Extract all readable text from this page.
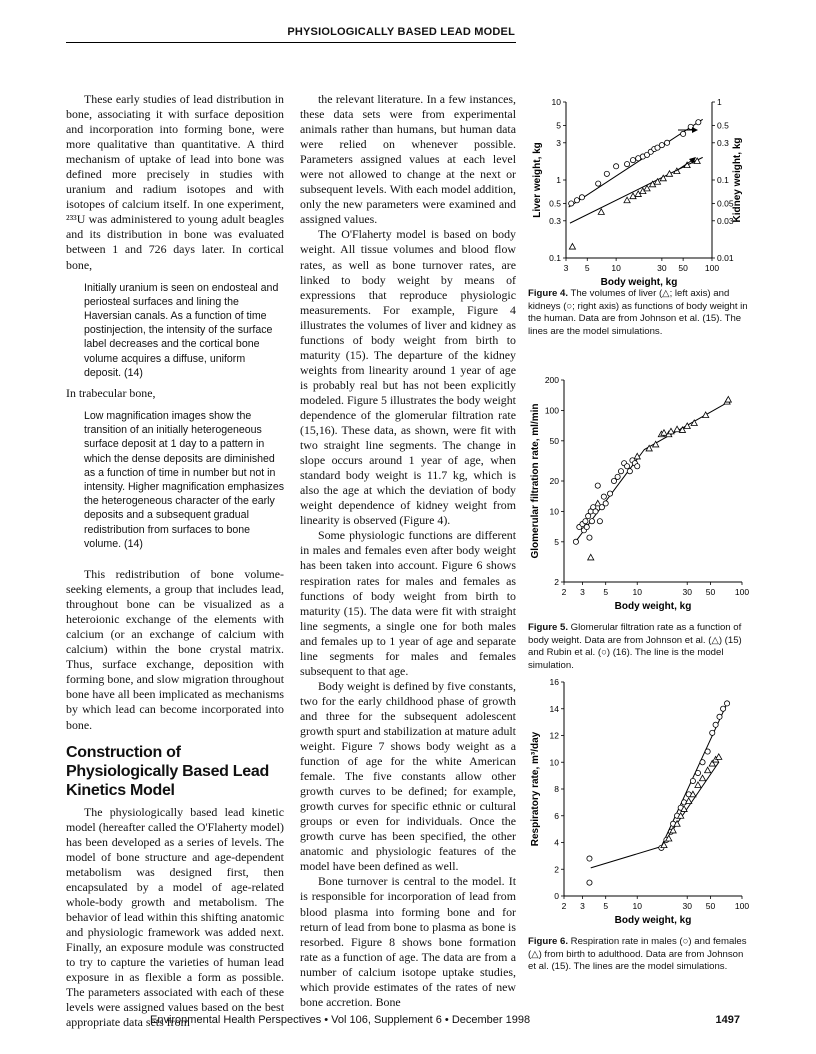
PHYSIOLOGICALLY BASED LEAD MODEL

These early studies of lead distribution in bone, associating it with surface deposition and incorporation into forming bone, were more qualitative than quantitative. A third mechanism of uptake of lead into bone was defined more precisely in studies with uranium and radium isotopes and with isotopes of calcium itself. In one experiment, ²³³U was administered to young adult beagles and its distribution in bone was evaluated between 1 and 726 days later. In cortical bone,

Initially uranium is seen on endosteal and periosteal surfaces and lining the Haversian canals. As a function of time postinjection, the intensity of the surface label decreases and the cortical bone volume acquires a diffuse, uniform deposit. (14)

In trabecular bone,

Low magnification images show the transition of an initially heterogeneous surface deposit at 1 day to a pattern in which the dense deposits are diminished as a function of time in number but not in intensity. Higher magnification emphasizes the heterogeneous character of the early deposits and a subsequent gradual redistribution from surfaces to bone volume. (14)

This redistribution of bone volume-seeking elements, a group that includes lead, throughout bone can be visualized as a heteroionic exchange of the elements with calcium (or an exchange of calcium with calcium) within the bone crystal matrix. Thus, surface exchange, deposition with forming bone, and slow migration throughout bone have all been implicated as mechanisms by which lead can become incorporated into bone.

Construction of Physiologically Based Lead Kinetics Model

The physiologically based lead kinetic model (hereafter called the O'Flaherty model) has been developed as a series of levels. The model of bone structure and age-dependent metabolism was designed first, then encapsulated by a model of age-related whole-body growth and metabolism. The behavior of lead within this shifting anatomic and physiologic framework was added next. Finally, an exposure module was constructed to try to capture the varieties of human lead exposure in as flexible a form as possible. The parameters associated with each of these levels were assigned values based on the best appropriate data sets from

the relevant literature. In a few instances, these data sets were from experimental animals rather than humans, but human data were relied on whenever possible. Parameters assigned values at each level were not allowed to change at the next or subsequent levels. With each model addition, only the new parameters were examined and assigned values.

The O'Flaherty model is based on body weight. All tissue volumes and blood flow rates, as well as bone turnover rates, are linked to body weight by means of expressions that reproduce physiologic measurements. For example, Figure 4 illustrates the volumes of liver and kidney as functions of body weight from birth to maturity (15). The departure of the kidney weights from linearity around 1 year of age is probably real but has not been explicitly modeled. Figure 5 illustrates the body weight dependence of the glomerular filtration rate (15,16). These data, as shown, were fit with two straight line segments. The change in slope occurs around 1 year of age, when standard body weight is 11.7 kg, which is also the age at which the deviation of body weight dependence of kidney weight from linearity is observed (Figure 4).

Some physiologic functions are different in males and females even after body weight has been taken into account. Figure 6 shows respiration rates for males and females as functions of body weight from birth to maturity (15). The data were fit with straight line segments, a single one for both males and females up to 1 year of age and separate line segments for males and females subsequent to that age.

Body weight is defined by five constants, two for the early childhood phase of growth and three for the subsequent adolescent growth spurt and stabilization at mature adult weight. Figure 7 shows body weight as a function of age for the white American female. The five constants allow other growth curves to be defined; for example, growth curves for specific ethnic or cultural groups or even for individuals. Once the growth curve has been specified, the other anatomic and physiologic features of the model have been defined as well.

Bone turnover is central to the model. It is responsible for incorporation of lead from blood plasma into forming bone and for return of lead from bone to plasma as bone is resorbed. Figure 8 shows bone formation rate as a function of age. The data are from a number of calcium isotope uptake studies, which provide estimates of the rates of new bone accretion. Bone

3 5	10	30 50 100
0.1
0.3
0.5
1
3
5
10
0.01
0.03
0.05
0.1
0.3
0.5
1
Body weight, kg
Liver weight, kg	Kidney weight, kg
Figure 4. The volumes of liver (△; left axis) and kidneys (○; right axis) as functions of body weight in the human. Data are from Johnson et al. (15). The lines are the model simulations.
2 3 5	10	30 50 100
2
5
10
20
50
100
200
Body weight, kg
Glomerular filtration rate, ml/min
Figure 5. Glomerular filtration rate as a function of body weight. Data are from Johnson et al. (△) (15) and Rubin et al. (○) (16). The line is the model simulation.
2 3 5	10	30 50 100
0
2
4
6
8
10
12
14
16
Body weight, kg
Respiratory rate, m³/day
Figure 6. Respiration rate in males (○) and females (△) from birth to adulthood. Data are from Johnson et al. (15). The lines are the model simulations.
Environmental Health Perspectives • Vol 106, Supplement 6 • December 1998	1497
